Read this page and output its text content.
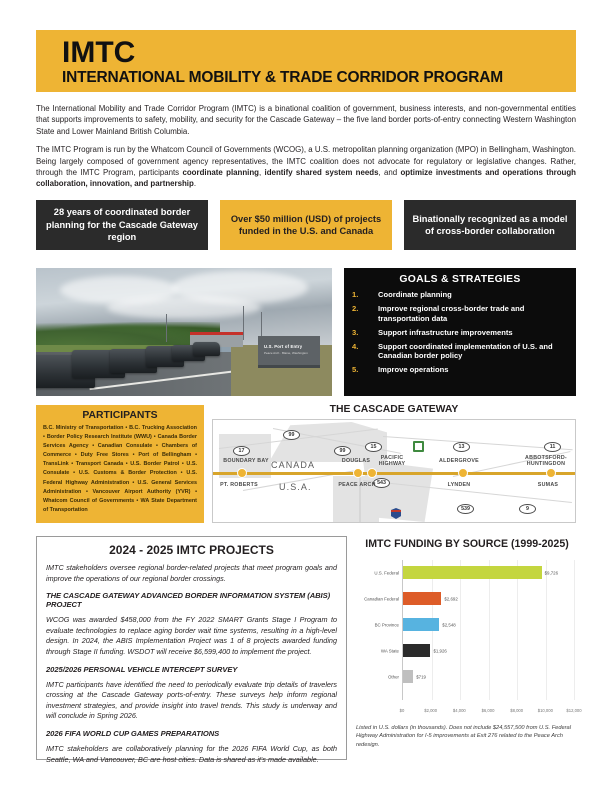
IMTC
INTERNATIONAL MOBILITY & TRADE CORRIDOR PROGRAM

The International Mobility and Trade Corridor Program (IMTC) is a binational coalition of government, business interests, and non-governmental entities that supports improvements to safety, mobility, and security for the Cascade Gateway – the five land border ports-of-entry connecting Western Washington State and Lower Mainland British Columbia.

The IMTC Program is run by the Whatcom Council of Governments (WCOG), a U.S. metropolitan planning organization (MPO) in Bellingham, Washington. Being largely composed of government agency representatives, the IMTC coalition does not advocate for regulatory or legislative changes. Rather, through the IMTC Program, participants coordinate planning, identify shared system needs, and optimize investments and operations through collaboration, innovation, and partnership.

28 years of coordinated border planning for the Cascade Gateway region
Over $50 million (USD) of projects funded in the U.S. and Canada
Binationally recognized as a model of cross-border collaboration
U.S. Port of Entry
Peace Arch · Blaine, Washington
GOALS & STRATEGIES
1.	Coordinate planning
2.	Improve regional cross-border trade and transportation data
3.	Support infrastructure improvements
4.	Support coordinated implementation of U.S. and Canadian border policy
5.	Improve operations
PARTICIPANTS

B.C. Ministry of Transportation • B.C. Trucking Association • Border Policy Research Institute (WWU) • Canada Border Services Agency • Canadian Consulate • Chambers of Commerce • Duty Free Stores • Port of Bellingham • TransLink • Transport Canada • U.S. Border Patrol • U.S. Consulate • U.S. Customs & Border Protection • U.S. Federal Highway Administration • U.S. General Services Administration • Vancouver Airport Authority (YVR) • Whatcom Council of Governments • WA State Department of Transportation

THE CASCADE GATEWAY
CANADA
U.S.A.
17
99
99
15	13	11
543
539	9
BOUNDARY BAY	DOUGLAS	PACIFIC HIGHWAY
ALDERGROVE	ABBOTSFORD-HUNTINGDON
PT. ROBERTS	PEACE ARCH	LYNDEN	SUMAS
2024 - 2025 IMTC PROJECTS

IMTC stakeholders oversee regional border-related projects that meet program goals and improve the operations of our regional border crossings.

THE CASCADE GATEWAY ADVANCED BORDER INFORMATION SYSTEM (ABIS) PROJECT

WCOG was awarded $458,000 from the FY 2022 SMART Grants Stage I Program to evaluate technologies to replace aging border wait time systems, resulting in a high-level design. In 2024, the ABIS Implementation Project was 1 of 8 projects awarded funding through Stage II funding. WSDOT will receive $6,599,400 to implement the project.

2025/2026 PERSONAL VEHICLE INTERCEPT SURVEY

IMTC participants have identified the need to periodically evaluate trip details of travelers crossing at the Cascade Gateway ports-of-entry. These surveys help inform regional investment strategies, and provide insight into travel trends. This study is underway and will conclude in Spring 2026.

2026 FIFA WORLD CUP GAMES PREPARATIONS

IMTC stakeholders are collaboratively planning for the 2026 FIFA World Cup, as both Seattle, WA and Vancouver, BC are host cities. Data is shared as it's made available.

IMTC FUNDING BY SOURCE (1999-2025)
U.S. Federal	$9,726
Canadian Federal	$2,692
BC Province	$2,548
WA State	$1,926
Other	$719
$0	$2,000	$4,000	$6,000	$8,000	$10,000	$12,000
Listed in U.S. dollars (in thousands). Does not include $24,557,500 from U.S. Federal Highway Administration for I-5 improvements at Exit 276 related to the Peace Arch redesign.
